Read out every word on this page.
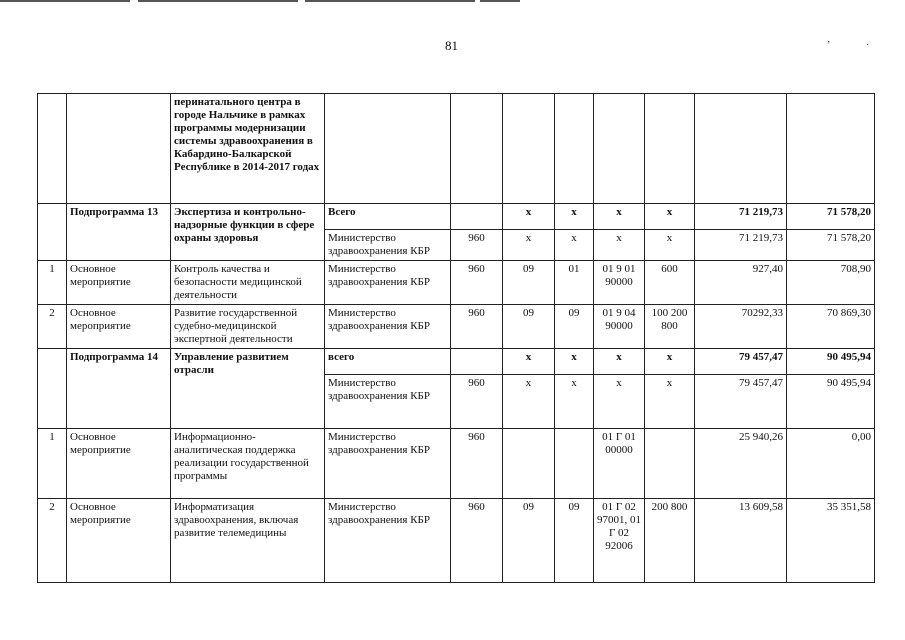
81	ʼ	·
		перинатального центра в городе Нальчике в рамках программы модернизации системы здравоохранения в Кабардино-Балкарской Республике в 2014-2017 годах								
	Подпрограмма 13	Экспертиза и контрольно-надзорные функции в сфере охраны здоровья	Всего		х	х	х	х	71 219,73	71 578,20
			Министерство здравоохранения КБР	960	х	х	х	х	71 219,73	71 578,20
1	Основное мероприятие	Контроль качества и безопасности медицинской деятельности	Министерство здравоохранения КБР	960	09	01	01 9 01 90000	600	927,40	708,90
2	Основное мероприятие	Развитие государственной судебно-медицинской экспертной деятельности	Министерство здравоохранения КБР	960	09	09	01 9 04 90000	100 200 800	70292,33	70 869,30
	Подпрограмма 14	Управление развитием отрасли	всего		х	х	х	х	79 457,47	90 495,94
			Министерство здравоохранения КБР	960	х	х	х	х	79 457,47	90 495,94
1	Основное мероприятие	Информационно-аналитическая поддержка реализации государственной программы	Министерство здравоохранения КБР	960			01 Г 01 00000		25 940,26	0,00
2	Основное мероприятие	Информатизация здравоохранения, включая развитие телемедицины	Министерство здравоохранения КБР	960	09	09	01 Г 02 97001, 01 Г 02 92006	200 800	13 609,58	35 351,58
